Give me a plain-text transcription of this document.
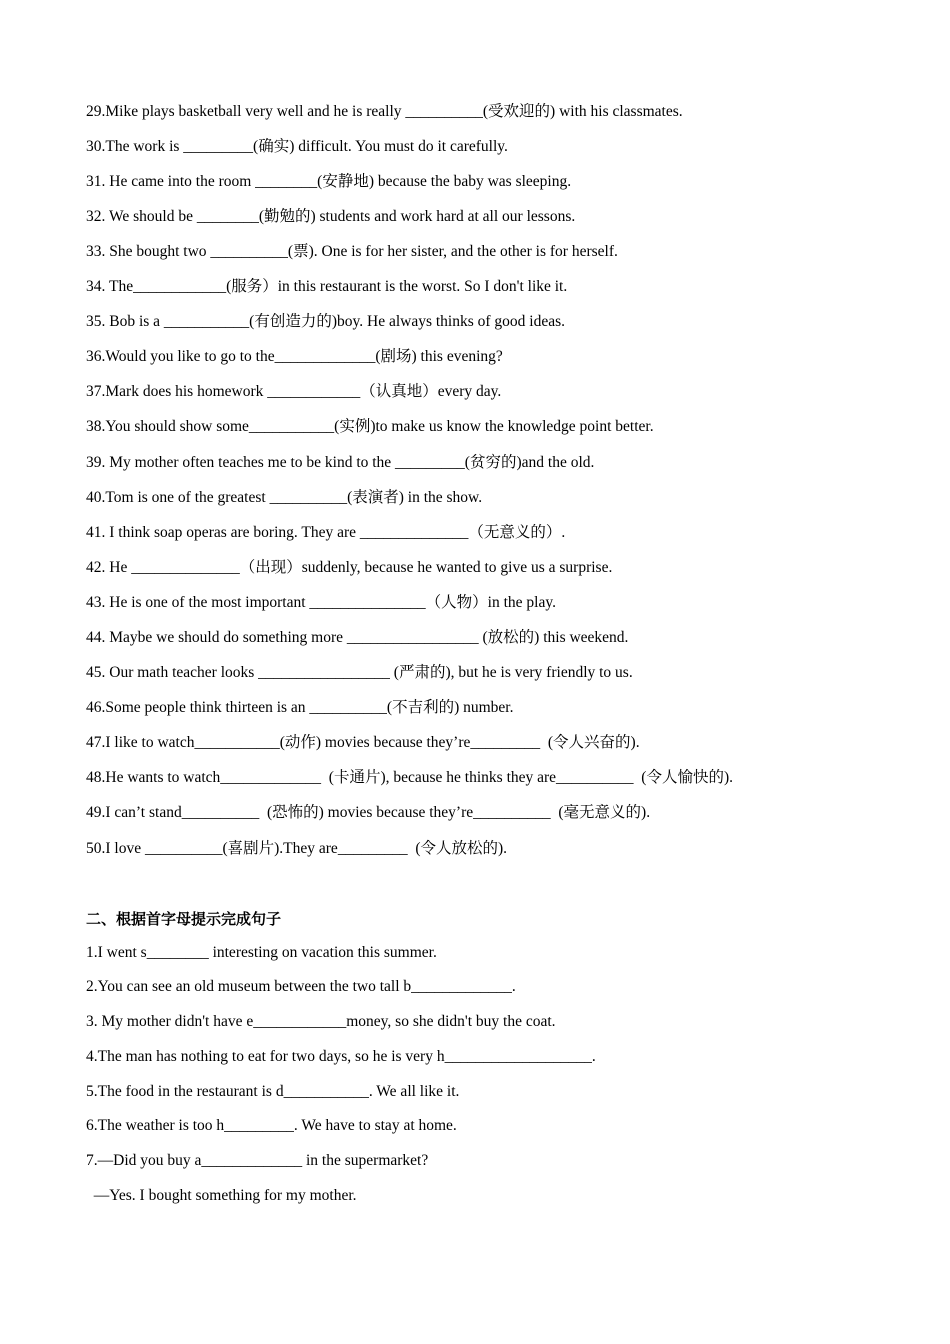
29.Mike plays basketball very well and he is really __________(受欢迎的) with his classmates.
30.The work is _________(确实) difficult. You must do it carefully.
31. He came into the room ________(安静地) because the baby was sleeping.
32. We should be ________(勤勉的) students and work hard at all our lessons.
33. She bought two __________(票). One is for her sister, and the other is for herself.
34. The____________(服务）in this restaurant is the worst. So I don't like it.
35. Bob is a ___________(有创造力的)boy. He always thinks of good ideas.
36.Would you like to go to the_____________(剧场) this evening?
37.Mark does his homework ____________（认真地）every day.
38.You should show some___________(实例)to make us know the knowledge point better.
39. My mother often teaches me to be kind to the _________(贫穷的)and the old.
40.Tom is one of the greatest __________(表演者) in the show.
41. I think soap operas are boring. They are ______________（无意义的）.
42. He ______________（出现）suddenly, because he wanted to give us a surprise.
43. He is one of the most important _______________（人物）in the play.
44. Maybe we should do something more _________________ (放松的) this weekend.
45. Our math teacher looks _________________ (严肃的), but he is very friendly to us.
46.Some people think thirteen is an __________(不吉利的) number.
47.I like to watch___________(动作) movies because they’re_________  (令人兴奋的).
48.He wants to watch_____________  (卡通片), because he thinks they are__________  (令人愉快的).
49.I can’t stand__________  (恐怖的) movies because they’re__________  (毫无意义的).
50.I love __________(喜剧片).They are_________  (令人放松的).
二、根据首字母提示完成句子
1.I went s________ interesting on vacation this summer.
2.You can see an old museum between the two tall b_____________.
3. My mother didn't have e____________money, so she didn't buy the coat.
4.The man has nothing to eat for two days, so he is very h___________________.
5.The food in the restaurant is d___________. We all like it.
6.The weather is too h_________. We have to stay at home.
7.—Did you buy a_____________ in the supermarket?
—Yes. I bought something for my mother.
